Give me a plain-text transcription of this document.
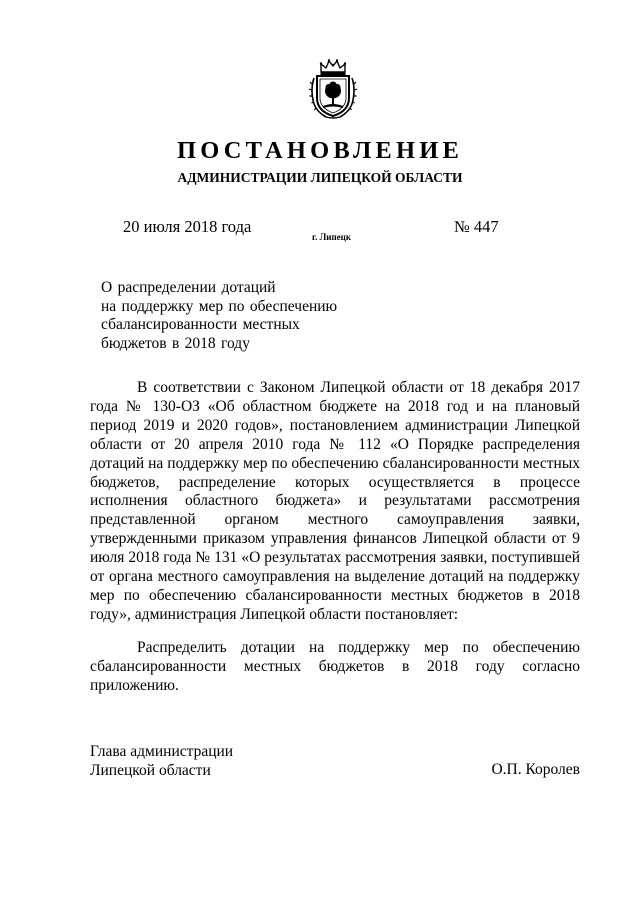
ПОСТАНОВЛЕНИЕ
АДМИНИСТРАЦИИ ЛИПЕЦКОЙ ОБЛАСТИ
20 июля 2018 года
г. Липецк
№ 447
О распределении дотаций
на поддержку мер по обеспечению
сбалансированности местных
бюджетов в 2018 году

В соответствии с Законом Липецкой области от 18 декабря 2017 года № 130-ОЗ «Об областном бюджете на 2018 год и на плановый период 2019 и 2020 годов», постановлением администрации Липецкой области от 20 апреля 2010 года № 112 «О Порядке распределения дотаций на поддержку мер по обеспечению сбалансированности местных бюджетов, распределение которых осуществляется в процессе исполнения областного бюджета» и результатами рассмотрения представленной органом местного самоуправления заявки, утвержденными приказом управления финансов Липецкой области от 9 июля 2018 года № 131 «О результатах рассмотрения заявки, поступившей от органа местного самоуправления на выделение дотаций на поддержку мер по обеспечению сбалансированности местных бюджетов в 2018 году», администрация Липецкой области постановляет:

Распределить дотации на поддержку мер по обеспечению сбалансированности местных бюджетов в 2018 году согласно приложению.

Глава администрации
Липецкой области	О.П. Королев
